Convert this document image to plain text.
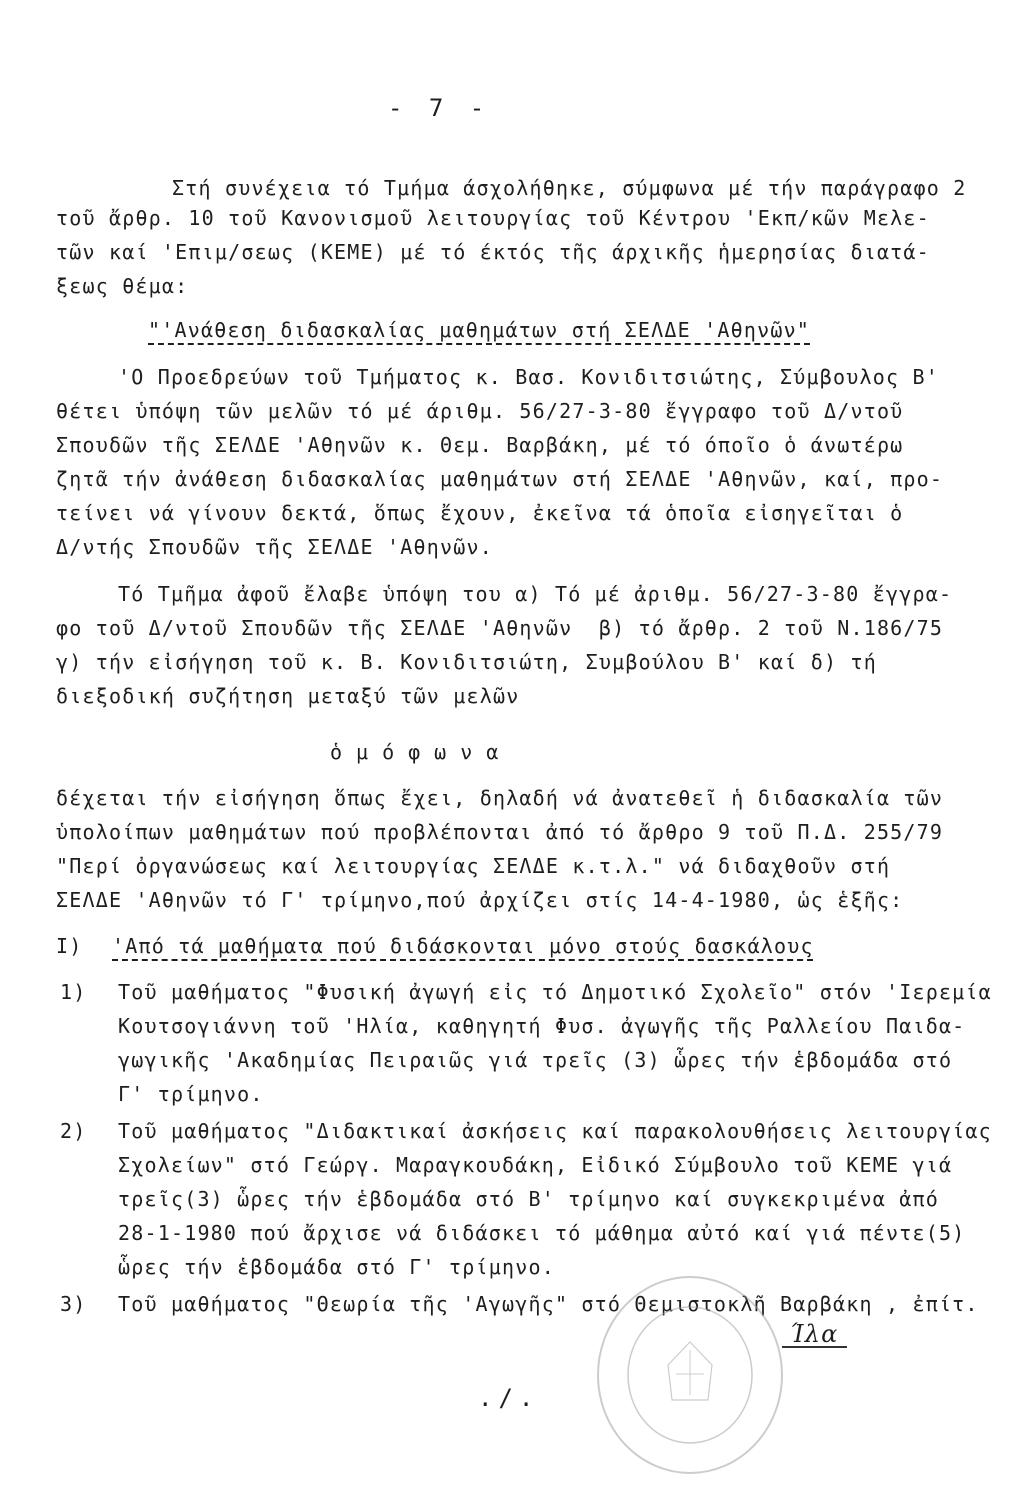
- 7 -
Στή συνέχεια τό Τμήμα άσχολήθηκε, σύμφωνα μέ τήν παράγραφο 2
τοῦ ἄρθρ. 10 τοῦ Κανονισμοῦ λειτουργίας τοῦ Κέντρου 'Εκπ/κῶν Μελε-
τῶν καί 'Επιμ/σεως (ΚΕΜΕ) μέ τό έκτός τῆς άρχικῆς ἡμερησίας διατά-
ξεως θέμα:
"'Ανάθεση διδασκαλίας μαθημάτων στή ΣΕΛΔΕ 'Αθηνῶν"
'Ο Προεδρεύων τοῦ Τμήματος κ. Βασ. Κονιδιτσιώτης, Σύμβουλος Β'
θέτει ὑπόψη τῶν μελῶν τό μέ άριθμ. 56/27-3-80 ἔγγραφο τοῦ Δ/ντοῦ
Σπουδῶν τῆς ΣΕΛΔΕ 'Αθηνῶν κ. Θεμ. Βαρβάκη, μέ τό όποῖο ὁ άνωτέρω
ζητᾶ τήν ἀνάθεση διδασκαλίας μαθημάτων στή ΣΕΛΔΕ 'Αθηνῶν, καί, προ-
τείνει νά γίνουν δεκτά, ὅπως ἔχουν, ἐκεῖνα τά ὁποῖα εἰσηγεῖται ὁ
Δ/ντής Σπουδῶν τῆς ΣΕΛΔΕ 'Αθηνῶν.
Τό Τμῆμα ἀφοῦ ἔλαβε ὑπόψη του α) Τό μέ ἀριθμ. 56/27-3-80 ἔγγρα-
φο τοῦ Δ/ντοῦ Σπουδῶν τῆς ΣΕΛΔΕ 'Αθηνῶν  β) τό ἄρθρ. 2 τοῦ Ν.186/75
γ) τήν εἰσήγηση τοῦ κ. Β. Κονιδιτσιώτη, Συμβούλου Β' καί δ) τή
διεξοδική συζήτηση μεταξύ τῶν μελῶν
ὁμόφωνα
δέχεται τήν εἰσήγηση ὅπως ἔχει, δηλαδή νά ἀνατεθεῖ ἡ διδασκαλία τῶν
ὑπολοίπων μαθημάτων πού προβλέπονται ἀπό τό ἄρθρο 9 τοῦ Π.Δ. 255/79
"Περί ὀργανώσεως καί λειτουργίας ΣΕΛΔΕ κ.τ.λ." νά διδαχθοῦν στή
ΣΕΛΔΕ 'Αθηνῶν τό Γ' τρίμηνο,πού ἀρχίζει στίς 14-4-1980, ὡς ἑξῆς:
I) 'Από τά μαθήματα πού διδάσκονται μόνο στούς δασκάλους
1) Τοῦ μαθήματος "Φυσική ἀγωγή εἰς τό Δημοτικό Σχολεῖο" στόν 'Ιερεμία
Κουτσογιάννη τοῦ 'Ηλία, καθηγητή Φυσ. ἀγωγῆς τῆς Ραλλείου Παιδα-
γωγικῆς 'Ακαδημίας Πειραιῶς γιά τρεῖς (3) ὧρες τήν ἑβδομάδα στό
Γ' τρίμηνο.
2) Τοῦ μαθήματος "Διδακτικαί ἀσκήσεις καί παρακολουθήσεις λειτουργίας
Σχολείων" στό Γεώργ. Μαραγκουδάκη, Εἰδικό Σύμβουλο τοῦ ΚΕΜΕ γιά
τρεῖς(3) ὧρες τήν ἑβδομάδα στό Β' τρίμηνο καί συγκεκριμένα ἀπό
28-1-1980 πού ἄρχισε νά διδάσκει τό μάθημα αὐτό καί γιά πέντε(5)
ὧρες τήν ἑβδομάδα στό Γ' τρίμηνο.
3) Τοῦ μαθήματος "Θεωρία τῆς 'Αγωγῆς" στό Θεμιστοκλῆ Βαρβάκη , ἐπίτ.
Ίλα
./.
